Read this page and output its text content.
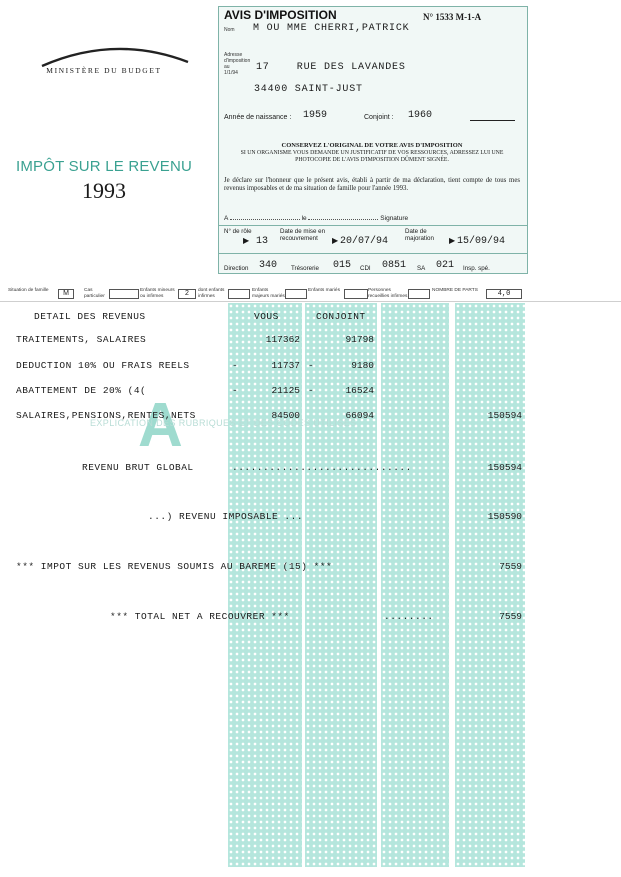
MINISTÈRE DU BUDGET
IMPÔT SUR LE REVENU
1993
AVIS D'IMPOSITION	N° 1533 M-1-A
Nom
Adresse d'imposition au 1/1/94
M OU MME CHERRI,PATRICK
17    RUE DES LAVANDES
34400 SAINT-JUST
Année de naissance : 1959	Conjoint : 1960
CONSERVEZ L'ORIGINAL DE VOTRE AVIS D'IMPOSITION
SI UN ORGANISME VOUS DEMANDE UN JUSTIFICATIF DE VOS RESSOURCES, ADRESSEZ LUI UNE PHOTOCOPIE DE L'AVIS D'IMPOSITION DÛMENT SIGNÉE.
Je déclare sur l'honneur que le présent avis, établi à partir de ma déclaration, tient compte de tous mes revenus imposables et de ma situation de famille pour l'année 1993.
A	le	Signature
N° de rôle
▶ 13
Date de mise en recouvrement	▶ 20/07/94
Date de majoration	▶ 15/09/94
Direction 340 Trésorerie 015 CDI 0851 SA 021 Insp. spé.
Situation de famille	M	Cas particulier
Enfants mineurs ou infirmes	2	dont enfants infirmes
Enfants majeurs mariés
Enfants mariés	Personnes recueillies infirmes
NOMBRE DE PARTS	4,0
A
EXPLICATION DES RUBRIQUES ET DES CODES UTILISÉS
DETAIL DES REVENUS	VOUS	CONJOINT
TRAITEMENTS, SALAIRES	117362	91798
DEDUCTION 10% OU FRAIS REELS	-	11737 -	9180
ABATTEMENT DE 20% (4(	-	21125 -	16524
SALAIRES,PENSIONS,RENTES,NETS	84500	66094	150594
REVENU BRUT GLOBAL	.............................	150594
...) REVENU IMPOSABLE ...	150590
*** IMPOT SUR LES REVENUS SOUMIS AU BAREME (15) ***	7559
*** TOTAL NET A RECOUVRER ***	........	7559
